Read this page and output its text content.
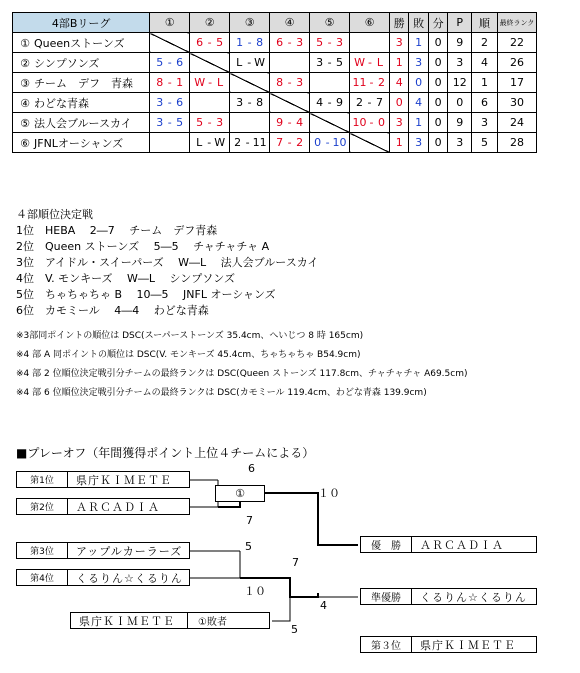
4部Bリーグ	①	②	③	④	⑤	⑥	勝	敗	分	P	順	最終ランク
① Queenストーンズ		6 - 5	1 - 8	6 - 3	5 - 3		3	1	0	9	2	22
② シンプソンズ	5 - 6		L - W		3 - 5	W - L	1	3	0	3	4	26
③ チーム　デフ　青森	8 - 1	W - L		8 - 3		11 - 2	4	0	0	12	1	17
④ わどな青森	3 - 6		3 - 8		4 - 9	2 - 7	0	4	0	0	6	30
⑤ 法人会ブルースカイ	3 - 5	5 - 3		9 - 4		10 - 0	3	1	0	9	3	24
⑥ JFNLオーシャンズ		L - W	2 - 11	7 - 2	0 - 10		1	3	0	3	5	28
４部順位決定戦
1位　HEBA　 2―7　 チーム　デフ青森
2位　Queen ストーンズ　 5―5　 チャチャチャ A
3位　アイドル・スイーパーズ　 W―L　 法人会ブルースカイ
4位　V. モンキーズ　 W―L　 シンプソンズ
5位　ちゃちゃちゃ B　 10―5　 JNFL オーシャンズ
6位　カモミール　 4―4　 わどな青森
※3部同ポイントの順位は DSC(スーパーストーンズ 35.4cm、へいじつ 8 時 165cm)
※4 部 A 同ポイントの順位は DSC(V. モンキーズ 45.4cm、ちゃちゃちゃ B54.9cm)
※4 部 2 位順位決定戦引分チームの最終ランクは DSC(Queen ストーンズ 117.8cm、チャチャチャ A69.5cm)
※4 部 6 位順位決定戦引分チームの最終ランクは DSC(カモミール 119.4cm、わどな青森 139.9cm)
■プレーオフ（年間獲得ポイント上位４チームによる）
第1位	県庁ＫＩＭＥＴＥ
第2位	ＡＲＣＡＤＩＡ
第3位	アップルカーラーズ
第4位	くるりん☆くるりん
①
県庁ＫＩＭＥＴＥ	①敗者
6
7
5
１０
7
4
１０
5
優　勝	ＡＲＣＡＤＩＡ
準優勝	くるりん☆くるりん
第３位	県庁ＫＩＭＥＴＥ
